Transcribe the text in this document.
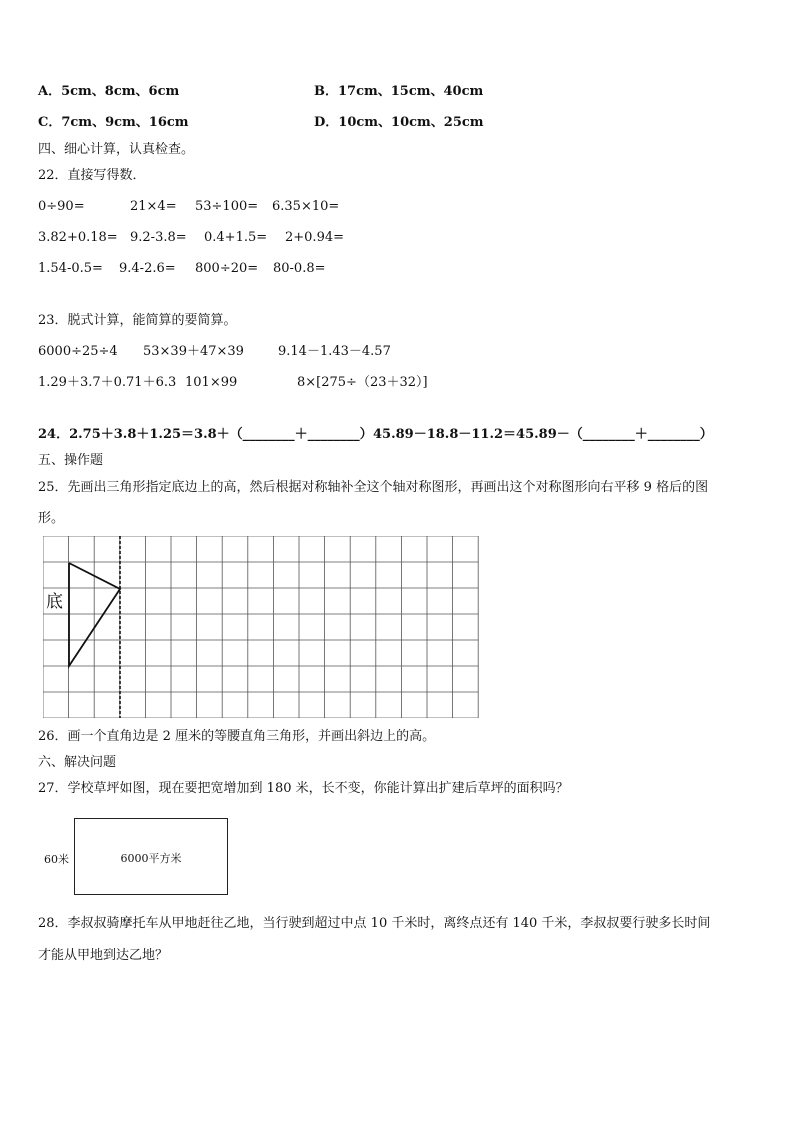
A．5cm、8cm、6cm	B．17cm、15cm、40cm
C．7cm、9cm、16cm	D．10cm、10cm、25cm
四、细心计算，认真检查。
22．直接写得数．
0÷90=	21×4= 53÷100= 6.35×10=
3.82+0.18= 9.2-3.8= 0.4+1.5= 2+0.94=
1.54-0.5= 9.4-2.6= 800÷20= 80-0.8=
23．脱式计算，能简算的要简算。
6000÷25÷4 53×39＋47×39	9.14－1.43－4.57
1.29＋3.7＋0.71＋6.3 101×99	8×[275÷（23＋32）]
24．2.75＋3.8＋1.25＝3.8＋（________＋________） 45.89－18.8－11.2＝45.89－（________＋________）
五、操作题
25．先画出三角形指定底边上的高，然后根据对称轴补全这个轴对称图形，再画出这个对称图形向右平移 9 格后的图
形。
底
26．画一个直角边是 2 厘米的等腰直角三角形，并画出斜边上的高。
六、解决问题
27．学校草坪如图，现在要把宽增加到 180 米，长不变，你能计算出扩建后草坪的面积吗？
60米	6000平方米
28．李叔叔骑摩托车从甲地赶往乙地，当行驶到超过中点 10 千米时，离终点还有 140 千米，李叔叔要行驶多长时间
才能从甲地到达乙地？
